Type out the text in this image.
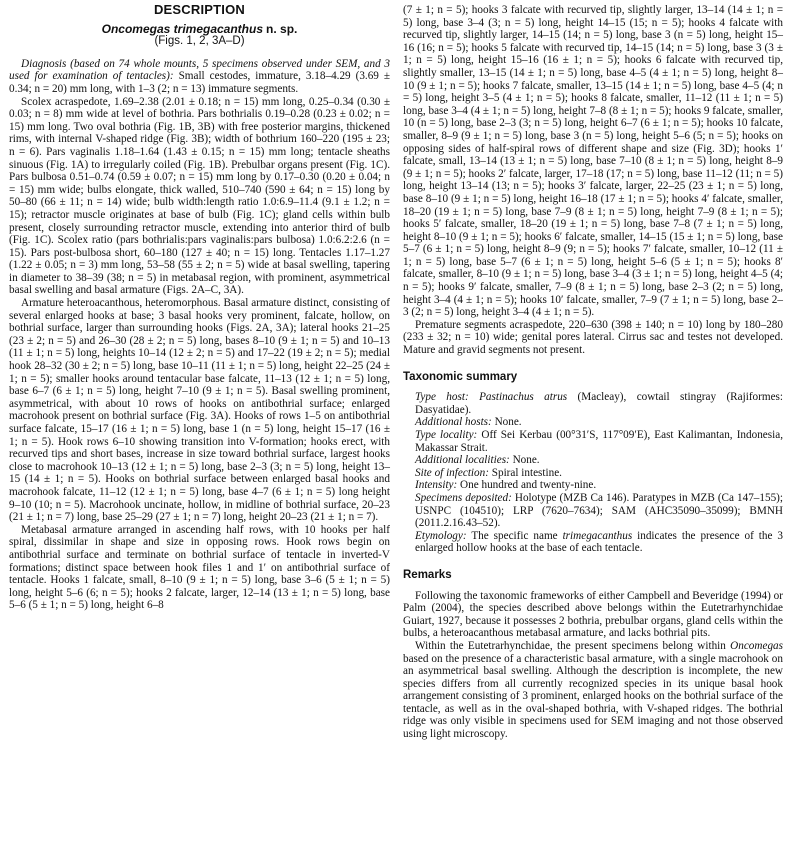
DESCRIPTION
Oncomegas trimegacanthus n. sp.
(Figs. 1, 2, 3A–D)

Diagnosis (based on 74 whole mounts, 5 specimens observed under SEM, and 3 used for examination of tentacles): Small cestodes, immature, 3.18–4.29 (3.69 ± 0.34; n = 20) mm long, with 1–3 (2; n = 13) immature segments.

Scolex acraspedote, 1.69–2.38 (2.01 ± 0.18; n = 15) mm long, 0.25–0.34 (0.30 ± 0.03; n = 8) mm wide at level of bothria. Pars bothrialis 0.19–0.28 (0.23 ± 0.02; n = 15) mm long. Two oval bothria (Fig. 1B, 3B) with free posterior margins, thickened rims, with internal V-shaped ridge (Fig. 3B); width of bothrium 160–220 (195 ± 23; n = 6). Pars vaginalis 1.18–1.64 (1.43 ± 0.15; n = 15) mm long; tentacle sheaths sinuous (Fig. 1A) to irregularly coiled (Fig. 1B). Prebulbar organs present (Fig. 1C). Pars bulbosa 0.51–0.74 (0.59 ± 0.07; n = 15) mm long by 0.17–0.30 (0.20 ± 0.04; n = 15) mm wide; bulbs elongate, thick walled, 510–740 (590 ± 64; n = 15) long by 50–80 (66 ± 11; n = 14) wide; bulb width:length ratio 1.0:6.9–11.4 (9.1 ± 1.2; n = 15); retractor muscle originates at base of bulb (Fig. 1C); gland cells within bulb present, closely surrounding retractor muscle, extending into anterior third of bulb (Fig. 1C). Scolex ratio (pars bothrialis:pars vaginalis:pars bulbosa) 1.0:6.2:2.6 (n = 15). Pars post-bulbosa short, 60–180 (127 ± 40; n = 15) long. Tentacles 1.17–1.27 (1.22 ± 0.05; n = 3) mm long, 53–58 (55 ± 2; n = 5) wide at basal swelling, tapering in diameter to 38–39 (38; n = 5) in metabasal region, with prominent, asymmetrical basal swelling and basal armature (Figs. 2A–C, 3A).

Armature heteroacanthous, heteromorphous. Basal armature distinct, consisting of several enlarged hooks at base; 3 basal hooks very prominent, falcate, hollow, on bothrial surface, larger than surrounding hooks (Figs. 2A, 3A); lateral hooks 21–25 (23 ± 2; n = 5) and 26–30 (28 ± 2; n = 5) long, bases 8–10 (9 ± 1; n = 5) and 10–13 (11 ± 1; n = 5) long, heights 10–14 (12 ± 2; n = 5) and 17–22 (19 ± 2; n = 5); medial hook 28–32 (30 ± 2; n = 5) long, base 10–11 (11 ± 1; n = 5) long, height 22–25 (24 ± 1; n = 5); smaller hooks around tentacular base falcate, 11–13 (12 ± 1; n = 5) long, base 6–7 (6 ± 1; n = 5) long, height 7–10 (9 ± 1; n = 5). Basal swelling prominent, asymmetrical, with about 10 rows of hooks on antibothrial surface; enlarged macrohook present on bothrial surface (Fig. 3A). Hooks of rows 1–5 on antibothrial surface falcate, 15–17 (16 ± 1; n = 5) long, base 1 (n = 5) long, height 15–17 (16 ± 1; n = 5). Hook rows 6–10 showing transition into V-formation; hooks erect, with recurved tips and short bases, increase in size toward bothrial surface, largest hooks close to macrohook 10–13 (12 ± 1; n = 5) long, base 2–3 (3; n = 5) long, height 13–15 (14 ± 1; n = 5). Hooks on bothrial surface between enlarged basal hooks and macrohook falcate, 11–12 (12 ± 1; n = 5) long, base 4–7 (6 ± 1; n = 5) long height 9–10 (10; n = 5). Macrohook uncinate, hollow, in midline of bothrial surface, 20–23 (21 ± 1; n = 7) long, base 25–29 (27 ± 1; n = 7) long, height 20–23 (21 ± 1; n = 7).

Metabasal armature arranged in ascending half rows, with 10 hooks per half spiral, dissimilar in shape and size in opposing rows. Hook rows begin on antibothrial surface and terminate on bothrial surface of tentacle in inverted-V formations; distinct space between hook files 1 and 1′ on antibothrial surface of tentacle. Hooks 1 falcate, small, 8–10 (9 ± 1; n = 5) long, base 3–6 (5 ± 1; n = 5) long, height 5–6 (6; n = 5); hooks 2 falcate, larger, 12–14 (13 ± 1; n = 5) long, base 5–6 (5 ± 1; n = 5) long, height 6–8

(7 ± 1; n = 5); hooks 3 falcate with recurved tip, slightly larger, 13–14 (14 ± 1; n = 5) long, base 3–4 (3; n = 5) long, height 14–15 (15; n = 5); hooks 4 falcate with recurved tip, slightly larger, 14–15 (14; n = 5) long, base 3 (n = 5) long, height 15–16 (16; n = 5); hooks 5 falcate with recurved tip, 14–15 (14; n = 5) long, base 3 (3 ± 1; n = 5) long, height 15–16 (16 ± 1; n = 5); hooks 6 falcate with recurved tip, slightly smaller, 13–15 (14 ± 1; n = 5) long, base 4–5 (4 ± 1; n = 5) long, height 8–10 (9 ± 1; n = 5); hooks 7 falcate, smaller, 13–15 (14 ± 1; n = 5) long, base 4–5 (4; n = 5) long, height 3–5 (4 ± 1; n = 5); hooks 8 falcate, smaller, 11–12 (11 ± 1; n = 5) long, base 3–4 (4 ± 1; n = 5) long, height 7–8 (8 ± 1; n = 5); hooks 9 falcate, smaller, 10 (n = 5) long, base 2–3 (3; n = 5) long, height 6–7 (6 ± 1; n = 5); hooks 10 falcate, smaller, 8–9 (9 ± 1; n = 5) long, base 3 (n = 5) long, height 5–6 (5; n = 5); hooks on opposing sides of half-spiral rows of different shape and size (Fig. 3D); hooks 1′ falcate, small, 13–14 (13 ± 1; n = 5) long, base 7–10 (8 ± 1; n = 5) long, height 8–9 (9 ± 1; n = 5); hooks 2′ falcate, larger, 17–18 (17; n = 5) long, base 11–12 (11; n = 5) long, height 13–14 (13; n = 5); hooks 3′ falcate, larger, 22–25 (23 ± 1; n = 5) long, base 8–10 (9 ± 1; n = 5) long, height 16–18 (17 ± 1; n = 5); hooks 4′ falcate, smaller, 18–20 (19 ± 1; n = 5) long, base 7–9 (8 ± 1; n = 5) long, height 7–9 (8 ± 1; n = 5); hooks 5′ falcate, smaller, 18–20 (19 ± 1; n = 5) long, base 7–8 (7 ± 1; n = 5) long, height 8–10 (9 ± 1; n = 5); hooks 6′ falcate, smaller, 14–15 (15 ± 1; n = 5) long, base 5–7 (6 ± 1; n = 5) long, height 8–9 (9; n = 5); hooks 7′ falcate, smaller, 10–12 (11 ± 1; n = 5) long, base 5–7 (6 ± 1; n = 5) long, height 5–6 (5 ± 1; n = 5); hooks 8′ falcate, smaller, 8–10 (9 ± 1; n = 5) long, base 3–4 (3 ± 1; n = 5) long, height 4–5 (4; n = 5); hooks 9′ falcate, smaller, 7–9 (8 ± 1; n = 5) long, base 2–3 (2; n = 5) long, height 3–4 (4 ± 1; n = 5); hooks 10′ falcate, smaller, 7–9 (7 ± 1; n = 5) long, base 2–3 (2; n = 5) long, height 3–4 (4 ± 1; n = 5).

Premature segments acraspedote, 220–630 (398 ± 140; n = 10) long by 180–280 (233 ± 32; n = 10) wide; genital pores lateral. Cirrus sac and testes not developed. Mature and gravid segments not present.

Taxonomic summary

Type host: Pastinachus atrus (Macleay), cowtail stingray (Rajiformes: Dasyatidae).

Additional hosts: None.

Type locality: Off Sei Kerbau (00°31′S, 117°09′E), East Kalimantan, Indonesia, Makassar Strait.

Additional localities: None.

Site of infection: Spiral intestine.

Intensity: One hundred and twenty-nine.

Specimens deposited: Holotype (MZB Ca 146). Paratypes in MZB (Ca 147–155); USNPC (104510); LRP (7620–7634); SAM (AHC35090–35099); BMNH (2011.2.16.43–52).

Etymology: The specific name trimegacanthus indicates the presence of the 3 enlarged hollow hooks at the base of each tentacle.

Remarks

Following the taxonomic frameworks of either Campbell and Beveridge (1994) or Palm (2004), the species described above belongs within the Eutetrarhynchidae Guiart, 1927, because it possesses 2 bothria, prebulbar organs, gland cells within the bulbs, a heteroacanthous metabasal armature, and lacks bothrial pits.

Within the Eutetrarhynchidae, the present specimens belong within Oncomegas based on the presence of a characteristic basal armature, with a single macrohook on an asymmetrical basal swelling. Although the description is incomplete, the new species differs from all currently recognized species in its unique basal hook arrangement consisting of 3 prominent, enlarged hooks on the bothrial surface of the tentacle, as well as in the oval-shaped bothria, with V-shaped ridges. The bothrial ridge was only visible in specimens used for SEM imaging and not those observed using light microscopy.
